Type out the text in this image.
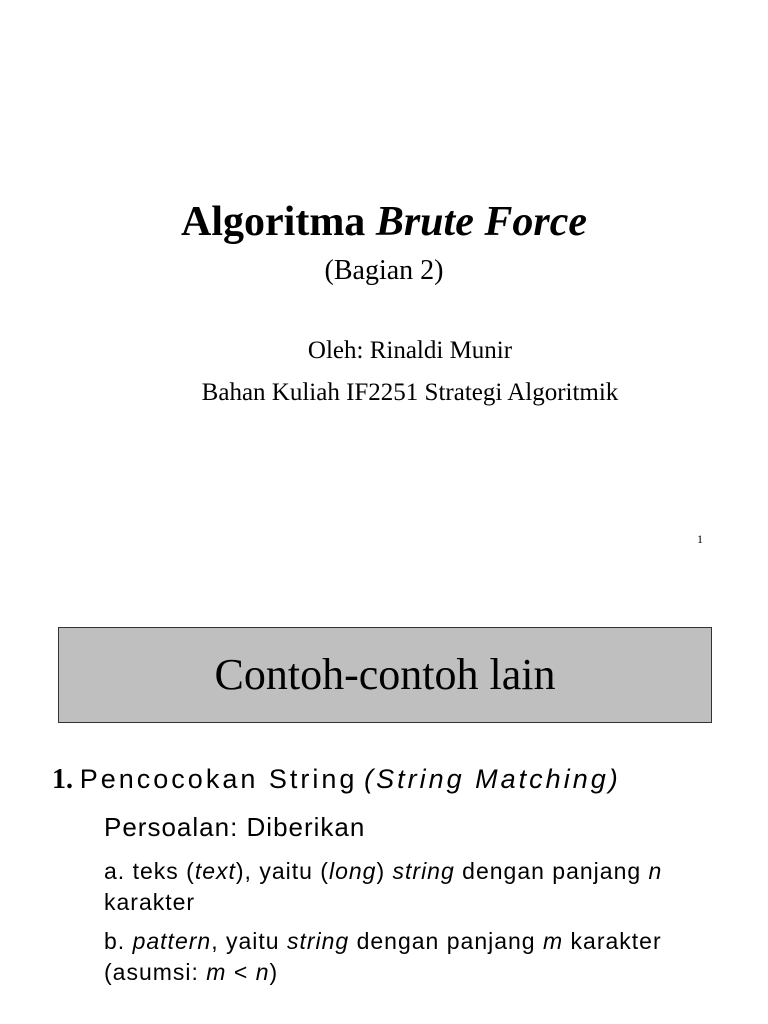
Algoritma Brute Force
(Bagian 2)
Oleh: Rinaldi Munir
Bahan Kuliah IF2251 Strategi Algoritmik
1
Contoh-contoh lain
1. Pencocokan String (String Matching)
Persoalan: Diberikan
a. teks (text), yaitu (long) string dengan panjang n karakter
b. pattern, yaitu string dengan panjang m karakter (asumsi: m < n)
